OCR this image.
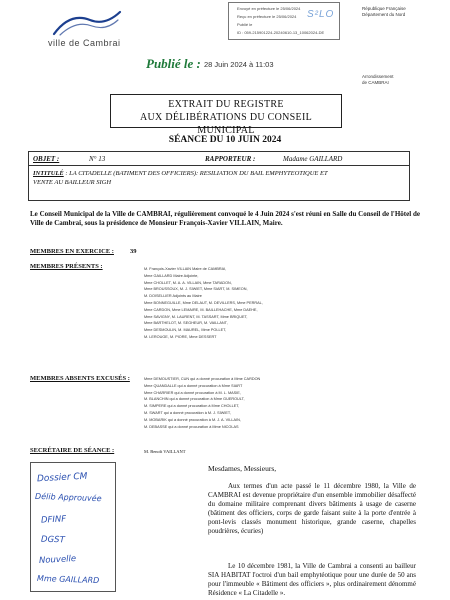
Envoyé en préfecture le 25/06/2024
Reçu en préfecture le 25/06/2024
Publié le
ID : 059-215901224-20240610-13_10062024-DE
S²LO
République Française
Département du Nord
Arrondissement
de CAMBRAI
ville de Cambrai
Publié le : 28 Juin 2024 à 11:03
EXTRAIT DU REGISTRE
AUX DÉLIBÉRATIONS DU CONSEIL MUNICIPAL
SÉANCE DU 10 JUIN 2024
OBJET :	N° 13	RAPPORTEUR :	Madame GAILLARD
INTITULÉ : LA CITADELLE (BATIMENT DES OFFICIERS): RESILIATION DU BAIL EMPHYTEOTIQUE ET VENTE AU BAILLEUR SIGH
Le Conseil Municipal de la Ville de CAMBRAI, régulièrement convoqué le 4 Juin 2024 s'est réuni en Salle du Conseil de l'Hôtel de Ville de Cambrai, sous la présidence de Monsieur François-Xavier VILLAIN, Maire.
MEMBRES EN EXERCICE : 39
MEMBRES PRÉSENTS :	M. François-Xavier VILLAIN Maire de CAMBRAI,
Mme GAILLARD Maire Adjointe,
Mme CHOLLET, M. A. A. VILLAIN, Mme TARADON,
Mme BROUSSOUX, M. J. SIWIET, Mme SIART, M. SIMEON,
M. DOISELLIER Adjoints au Maire
Mme BONNEGUILLE, Mme DELAUT, M. DEVILLERS, Mme PERRAL,
Mme CARDON, Mme LEMAIRE, M. BAILLEHACHE, Mme DAEHE,
Mme SAVIGNY, M. LAURENT, M. TASSART, Mme BRIQUET,
Mme BARTHELOT, M. SEGHEUR, M. VAILLANT,
Mme DESMOULIN, M. MAUREL, Mme POLLET,
M. LEROUGE, M. PIORE, Mme DESSERT
MEMBRES ABSENTS EXCUSÉS :	Mme DEMOUSTIER, CUN qui a donné procuration à Mme CARDON
Mme QUANDALLE qui a donné procuration à Mme SIART
Mme CHARRIER qui a donné procuration à M. L. MASIE,
M. BLANCHIN qui a donné procuration à Mme GUEROULT,
M. SIMPERE qui a donné procuration à Mme CHOLLET,
M. SWART qui a donné procuration à M. J. SIWIET,
M. MOBARIK qui a donné procuration à M. J. A. VILLAIN,
M. DEBASSE qui a donné procuration à Mme NICOLAS
SECRÉTAIRE DE SÉANCE :	M. Benoît VAILLANT
Dossier CM
Délib Approuvée
DFINF
DGST
Nouvelle
Mme GAILLARD
Mesdames, Messieurs,
Aux termes d'un acte passé le 11 décembre 1980, la Ville de CAMBRAI est devenue propriétaire d'un ensemble immobilier désaffecté du domaine militaire comprenant divers bâtiments à usage de caserne (bâtiment des officiers, corps de garde faisant suite à la porte d'entrée à pont-levis classés monument historique, grande caserne, chapelles poudrières, écuries)
Le 10 décembre 1981, la Ville de Cambrai a consenti au bailleur SIA HABITAT l'octroi d'un bail emphytéotique pour une durée de 50 ans pour l'immeuble « Bâtiment des officiers », plus ordinairement dénommé Résidence « La Citadelle ».
